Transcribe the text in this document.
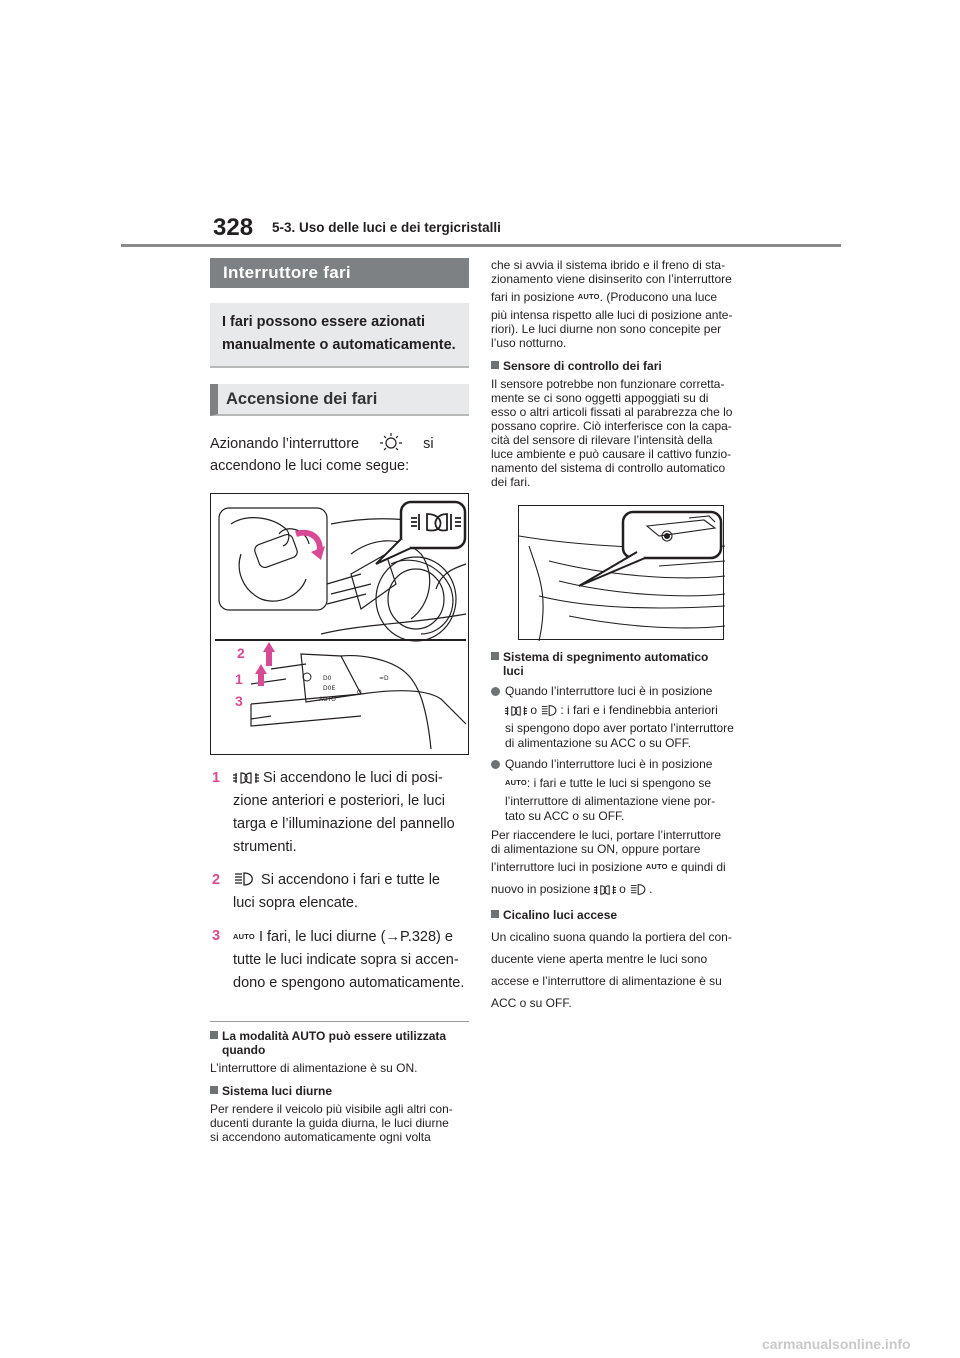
328 5-3. Uso delle luci e dei tergicristalli
Interruttore fari
I fari possono essere azionati
manualmente o automaticamente.
Accensione dei fari
Azionando l’interruttore	si
accendono le luci come segue:
D0
D0E
AUTO
O
≈D
2
1
3
1	Si accendono le luci di posi-
zione anteriori e posteriori, le luci
targa e l’illuminazione del pannello
strumenti.
2	Si accendono i fari e tutte le
luci sopra elencate.
3 AUTO I fari, le luci diurne (→P.328) e
tutte le luci indicate sopra si accen-
dono e spengono automaticamente.
La modalità AUTO può essere utilizzata
quando
L’interruttore di alimentazione è su ON.
Sistema luci diurne
Per rendere il veicolo più visibile agli altri con-
ducenti durante la guida diurna, le luci diurne
si accendono automaticamente ogni volta
che si avvia il sistema ibrido e il freno di sta-
zionamento viene disinserito con l’interruttore
fari in posizione AUTO. (Producono una luce
più intensa rispetto alle luci di posizione ante-
riori). Le luci diurne non sono concepite per
l’uso notturno.
Sensore di controllo dei fari
Il sensore potrebbe non funzionare corretta-
mente se ci sono oggetti appoggiati su di
esso o altri articoli fissati al parabrezza che lo
possano coprire. Ciò interferisce con la capa-
cità del sensore di rilevare l’intensità della
luce ambiente e può causare il cattivo funzio-
namento del sistema di controllo automatico
dei fari.
Sistema di spegnimento automatico
luci
Quando l’interruttore luci è in posizione
o : i fari e i fendinebbia anteriori
si spengono dopo aver portato l’interruttore
di alimentazione su ACC o su OFF.
Quando l’interruttore luci è in posizione
AUTO: i fari e tutte le luci si spengono se
l’interruttore di alimentazione viene por-
tato su ACC o su OFF.
Per riaccendere le luci, portare l’interruttore
di alimentazione su ON, oppure portare
l’interruttore luci in posizione AUTO e quindi di
nuovo in posizione o .
Cicalino luci accese
Un cicalino suona quando la portiera del con-
ducente viene aperta mentre le luci sono
accese e l’interruttore di alimentazione è su
ACC o su OFF.
carmanualsonline.info
